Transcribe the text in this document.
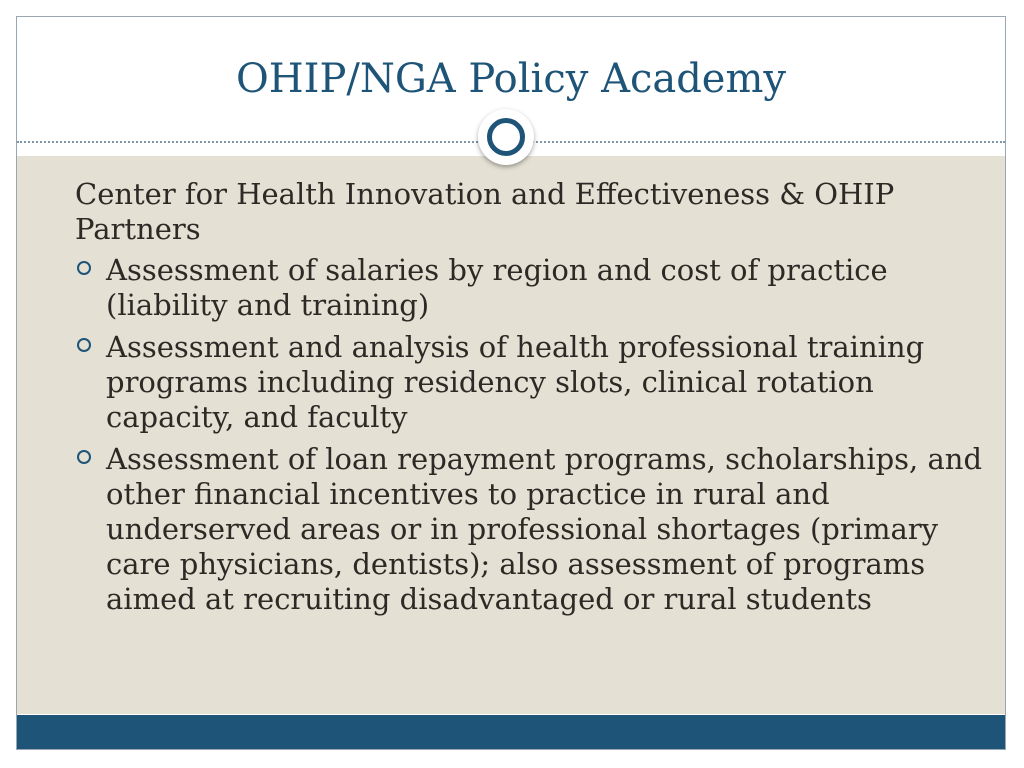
OHIP/NGA Policy Academy

Center for Health Innovation and Effectiveness & OHIP Partners

Assessment of salaries by region and cost of practice (liability and training)
Assessment and analysis of health professional training programs including residency slots, clinical rotation capacity, and faculty
Assessment of loan repayment programs, scholarships, and other financial incentives to practice in rural and underserved areas or in professional shortages (primary care physicians, dentists); also assessment of programs aimed at recruiting disadvantaged or rural students
